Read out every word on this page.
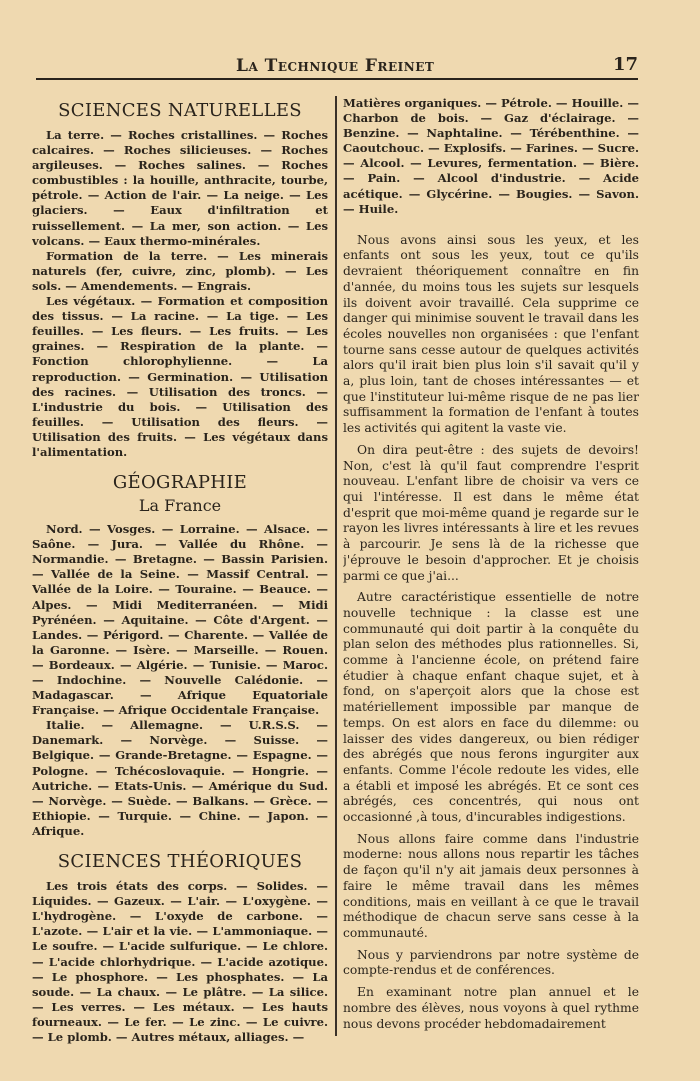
La Technique Freinet	17
SCIENCES NATURELLES

La terre. — Roches cristallines. — Roches calcaires. — Roches silicieuses. — Roches argileuses. — Roches salines. — Roches combustibles : la houille, anthracite, tourbe, pétrole. — Action de l'air. — La neige. — Les glaciers. — Eaux d'infiltration et ruissellement. — La mer, son action. — Les volcans. — Eaux thermo-minérales.

Formation de la terre. — Les minerais naturels (fer, cuivre, zinc, plomb). — Les sols. — Amendements. — Engrais.

Les végétaux. — Formation et composition des tissus. — La racine. — La tige. — Les feuilles. — Les fleurs. — Les fruits. — Les graines. — Respiration de la plante. — Fonction chlorophylienne. — La reproduction. — Germination. — Utilisation des racines. — Utilisation des troncs. — L'industrie du bois. — Utilisation des feuilles. — Utilisation des fleurs. — Utilisation des fruits. — Les végétaux dans l'alimentation.

GÉOGRAPHIE
La France

Nord. — Vosges. — Lorraine. — Alsace. — Saône. — Jura. — Vallée du Rhône. — Normandie. — Bretagne. — Bassin Parisien. — Vallée de la Seine. — Massif Central. — Vallée de la Loire. — Touraine. — Beauce. — Alpes. — Midi Mediterranéen. — Midi Pyrénéen. — Aquitaine. — Côte d'Argent. — Landes. — Périgord. — Charente. — Vallée de la Garonne. — Isère. — Marseille. — Rouen. — Bordeaux. — Algérie. — Tunisie. — Maroc. — Indochine. — Nouvelle Calédonie. — Madagascar. — Afrique Equatoriale Française. — Afrique Occidentale Française.

Italie. — Allemagne. — U.R.S.S. — Danemark. — Norvège. — Suisse. — Belgique. — Grande-Bretagne. — Espagne. — Pologne. — Tchécoslovaquie. — Hongrie. — Autriche. — Etats-Unis. — Amérique du Sud. — Norvège. — Suède. — Balkans. — Grèce. — Ethiopie. — Turquie. — Chine. — Japon. — Afrique.

SCIENCES THÉORIQUES

Les trois états des corps. — Solides. — Liquides. — Gazeux. — L'air. — L'oxygène. — L'hydrogène. — L'oxyde de carbone. — L'azote. — L'air et la vie. — L'ammoniaque. — Le soufre. — L'acide sulfurique. — Le chlore. — L'acide chlorhydrique. — L'acide azotique. — Le phosphore. — Les phosphates. — La soude. — La chaux. — Le plâtre. — La silice. — Les verres. — Les métaux. — Les hauts fourneaux. — Le fer. — Le zinc. — Le cuivre. — Le plomb. — Autres métaux, alliages. —

Matières organiques. — Pétrole. — Houille. — Charbon de bois. — Gaz d'éclairage. — Benzine. — Naphtaline. — Térébenthine. — Caoutchouc. — Explosifs. — Farines. — Sucre. — Alcool. — Levures, fermentation. — Bière. — Pain. — Alcool d'industrie. — Acide acétique. — Glycérine. — Bougies. — Savon. — Huile.

Nous avons ainsi sous les yeux, et les enfants ont sous les yeux, tout ce qu'ils devraient théoriquement connaître en fin d'année, du moins tous les sujets sur lesquels ils doivent avoir travaillé. Cela supprime ce danger qui minimise souvent le travail dans les écoles nouvelles non organisées : que l'enfant tourne sans cesse autour de quelques activités alors qu'il irait bien plus loin s'il savait qu'il y a, plus loin, tant de choses intéressantes — et que l'instituteur lui-même risque de ne pas lier suffisamment la formation de l'enfant à toutes les activités qui agitent la vaste vie.

On dira peut-être : des sujets de devoirs! Non, c'est là qu'il faut comprendre l'esprit nouveau. L'enfant libre de choisir va vers ce qui l'intéresse. Il est dans le même état d'esprit que moi-même quand je regarde sur le rayon les livres intéressants à lire et les revues à parcourir. Je sens là de la richesse que j'éprouve le besoin d'approcher. Et je choisis parmi ce que j'ai...

Autre caractéristique essentielle de notre nouvelle technique : la classe est une communauté qui doit partir à la conquête du plan selon des méthodes plus rationnelles. Si, comme à l'ancienne école, on prétend faire étudier à chaque enfant chaque sujet, et à fond, on s'aperçoit alors que la chose est matériellement impossible par manque de temps. On est alors en face du dilemme: ou laisser des vides dangereux, ou bien rédiger des abrégés que nous ferons ingurgiter aux enfants. Comme l'école redoute les vides, elle a établi et imposé les abrégés. Et ce sont ces abrégés, ces concentrés, qui nous ont occasionné ,à tous, d'incurables indigestions.

Nous allons faire comme dans l'industrie moderne: nous allons nous repartir les tâches de façon qu'il n'y ait jamais deux personnes à faire le même travail dans les mêmes conditions, mais en veillant à ce que le travail méthodique de chacun serve sans cesse à la communauté.

Nous y parviendrons par notre système de compte-rendus et de conférences.

En examinant notre plan annuel et le nombre des élèves, nous voyons à quel rythme nous devons procéder hebdomadairement
